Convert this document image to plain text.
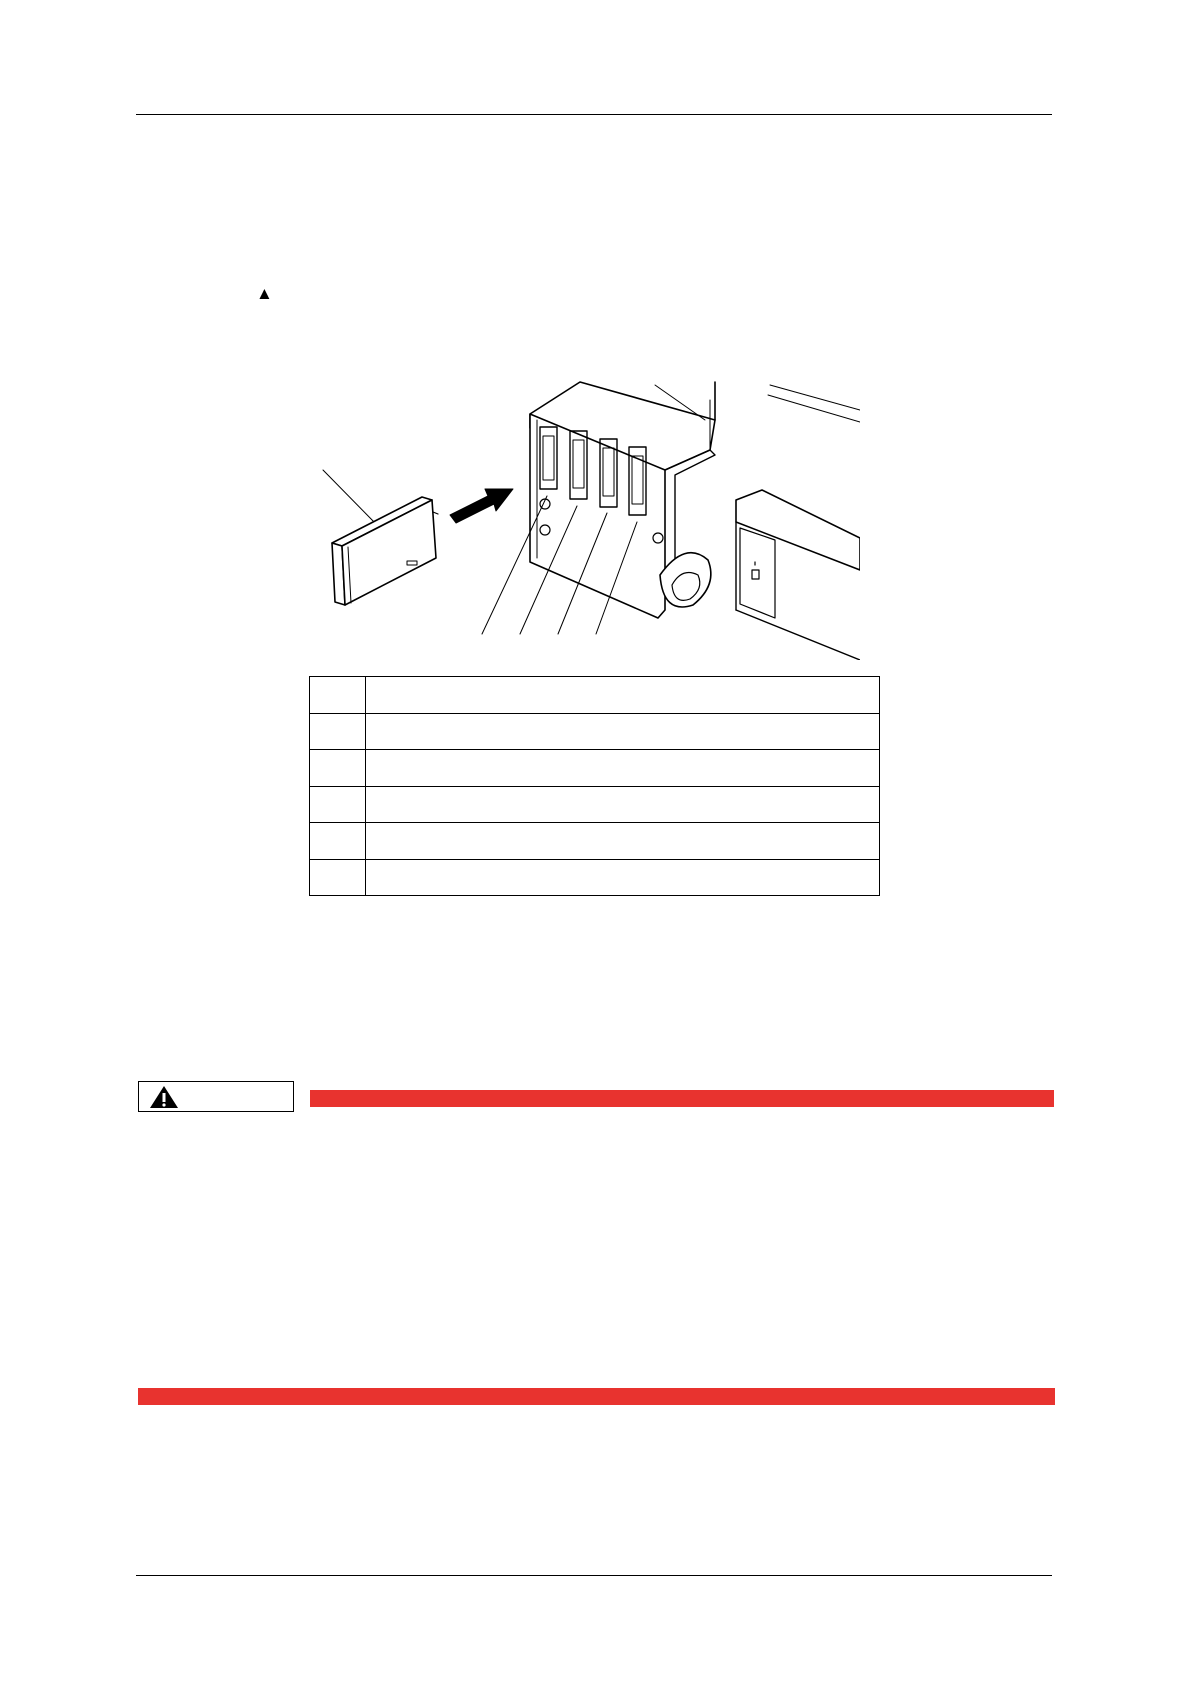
▲
